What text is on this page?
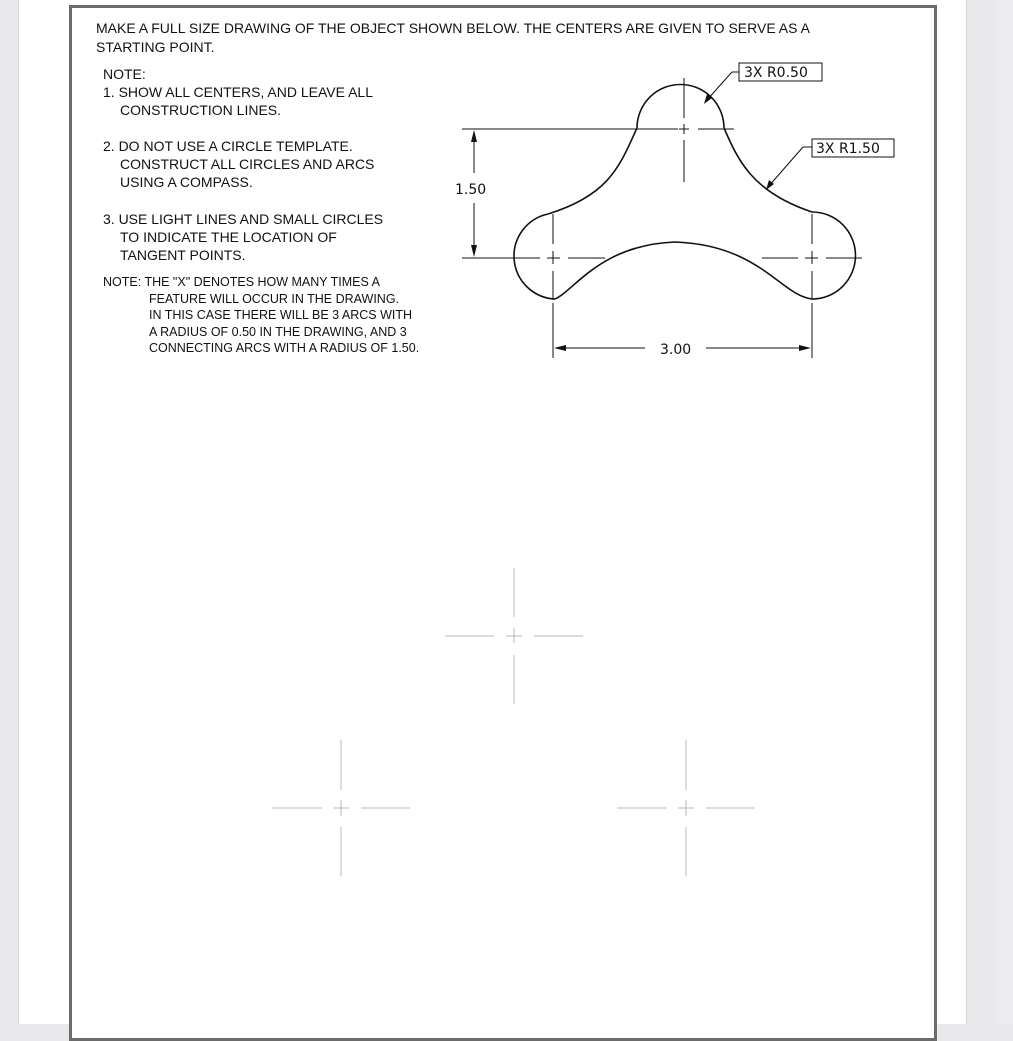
MAKE A FULL SIZE DRAWING OF THE OBJECT SHOWN BELOW. THE CENTERS ARE GIVEN TO SERVE AS A
STARTING POINT.
NOTE:
1. SHOW ALL CENTERS, AND LEAVE ALL
CONSTRUCTION LINES.
2. DO NOT USE A CIRCLE TEMPLATE.
CONSTRUCT ALL CIRCLES AND ARCS
USING A COMPASS.
3. USE LIGHT LINES AND SMALL CIRCLES
TO INDICATE THE LOCATION OF
TANGENT POINTS.
NOTE: THE "X" DENOTES HOW MANY TIMES A
FEATURE WILL OCCUR IN THE DRAWING.
IN THIS CASE THERE WILL BE 3 ARCS WITH
A RADIUS OF 0.50 IN THE DRAWING, AND 3
CONNECTING ARCS WITH A RADIUS OF 1.50.
1.50
3.00
3X R0.50
3X R1.50
